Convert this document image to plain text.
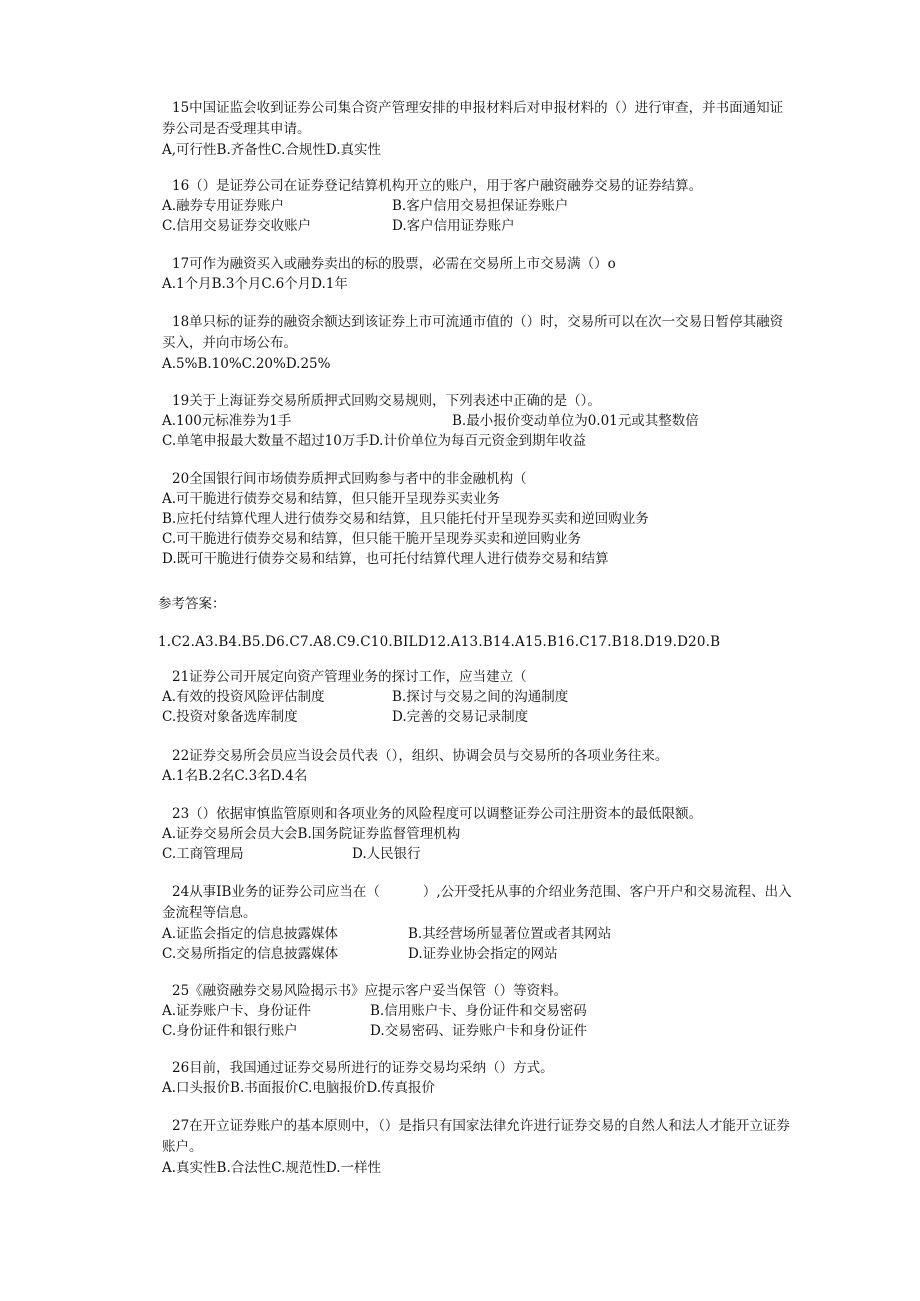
15中国证监会收到证券公司集合资产管理安排的申报材料后对申报材料的（）进行审查，并书面通知证券公司是否受理其申请。
A,可行性B.齐备性C.合规性D.真实性
16（）是证券公司在证券登记结算机构开立的账户，用于客户融资融券交易的证券结算。
A.融券专用证券账户	B.客户信用交易担保证券账户
C.信用交易证券交收账户	D.客户信用证券账户
17可作为融资买入或融券卖出的标的股票，必需在交易所上市交易满（）o
A.1个月B.3个月C.6个月D.1年
18单只标的证券的融资余额达到该证券上市可流通市值的（）时，交易所可以在次一交易日暂停其融资买入，并向市场公布。
A.5%B.10%C.20%D.25%
19关于上海证券交易所质押式回购交易规则，下列表述中正确的是（）。
A.100元标准券为1手	B.最小报价变动单位为0.01元或其整数倍
C.单笔申报最大数量不超过10万手D.计价单位为每百元资金到期年收益
20全国银行间市场债券质押式回购参与者中的非金融机构（
A.可干脆进行债券交易和结算，但只能开呈现券买卖业务
B.应托付结算代理人进行债券交易和结算，且只能托付开呈现券买卖和逆回购业务
C.可干脆进行债券交易和结算，但只能干脆开呈现券买卖和逆回购业务
D.既可干脆进行债券交易和结算，也可托付结算代理人进行债券交易和结算
参考答案：
1.C2.A3.B4.B5.D6.C7.A8.C9.C10.BILD12.A13.B14.A15.B16.C17.B18.D19.D20.B
21证券公司开展定向资产管理业务的探讨工作，应当建立（
A.有效的投资风险评估制度	B.探讨与交易之间的沟通制度
C.投资对象备选库制度	D.完善的交易记录制度
22证券交易所会员应当设会员代表（），组织、协调会员与交易所的各项业务往来。
A.1名B.2名C.3名D.4名
23（）依据审慎监管原则和各项业务的风险程度可以调整证券公司注册资本的最低限额。
A.证券交易所会员大会B.国务院证券监督管理机构
C.工商管理局	D.人民银行
24从事IB业务的证券公司应当在（          ）,公开受托从事的介绍业务范围、客户开户和交易流程、出入金流程等信息。
A.证监会指定的信息披露媒体	B.其经营场所显著位置或者其网站
C.交易所指定的信息披露媒体	D.证券业协会指定的网站
25《融资融券交易风险揭示书》应提示客户妥当保管（）等资料。
A.证券账户卡、身份证件	B.信用账户卡、身份证件和交易密码
C.身份证件和银行账户	D.交易密码、证券账户卡和身份证件
26目前，我国通过证券交易所进行的证券交易均采纳（）方式。
A.口头报价B.书面报价C.电脑报价D.传真报价
27在开立证券账户的基本原则中，（）是指只有国家法律允许进行证券交易的自然人和法人才能开立证券账户。
A.真实性B.合法性C.规范性D.一样性
